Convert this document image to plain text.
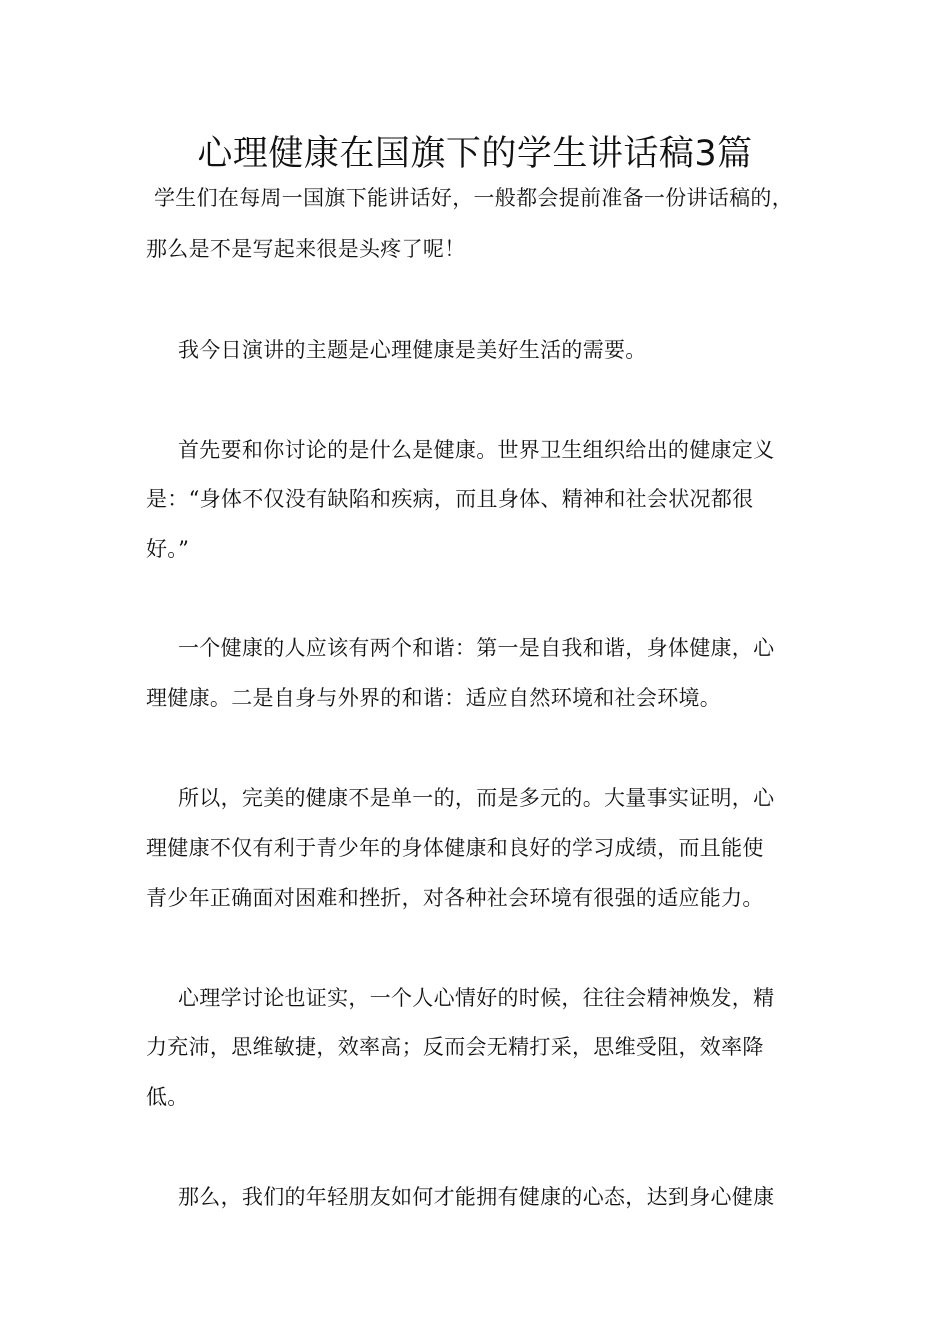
心理健康在国旗下的学生讲话稿3篇
学生们在每周一国旗下能讲话好，一般都会提前准备一份讲话稿的，
那么是不是写起来很是头疼了呢！
我今日演讲的主题是心理健康是美好生活的需要。
首先要和你讨论的是什么是健康。世界卫生组织给出的健康定义
是：“身体不仅没有缺陷和疾病，而且身体、精神和社会状况都很
好。”
一个健康的人应该有两个和谐：第一是自我和谐，身体健康，心
理健康。二是自身与外界的和谐：适应自然环境和社会环境。
所以，完美的健康不是单一的，而是多元的。大量事实证明，心
理健康不仅有利于青少年的身体健康和良好的学习成绩，而且能使
青少年正确面对困难和挫折，对各种社会环境有很强的适应能力。
心理学讨论也证实，一个人心情好的时候，往往会精神焕发，精
力充沛，思维敏捷，效率高；反而会无精打采，思维受阻，效率降
低。
那么，我们的年轻朋友如何才能拥有健康的心态，达到身心健康
